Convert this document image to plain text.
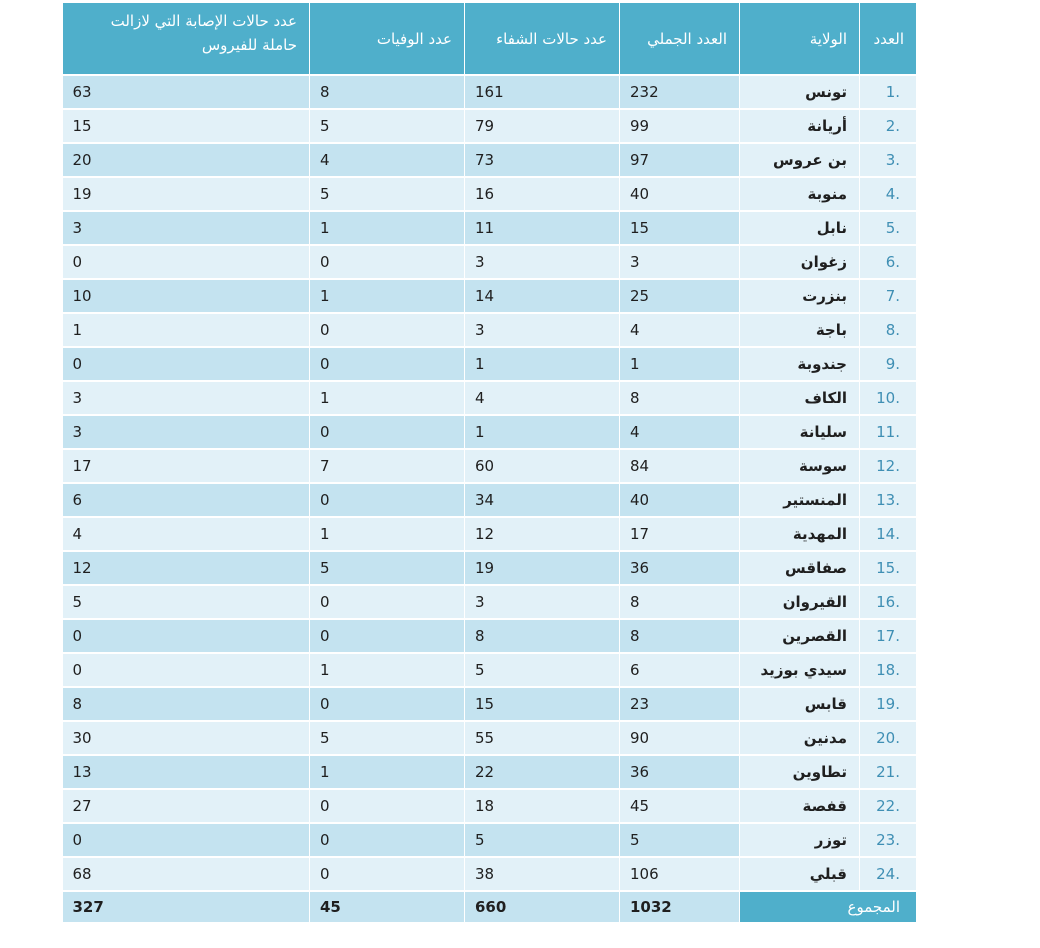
عدد حالات الإصابة التي لازالت
حاملة للفيروس	عدد الوفيات	عدد حالات الشفاء	العدد الجملي	الولاية	العدد
63	8	161	232	تونس	1.
15	5	79	99	أريانة	2.
20	4	73	97	بن عروس	3.
19	5	16	40	منوبة	4.
3	1	11	15	نابل	5.
0	0	3	3	زغوان	6.
10	1	14	25	بنزرت	7.
1	0	3	4	باجة	8.
0	0	1	1	جندوبة	9.
3	1	4	8	الكاف	10.
3	0	1	4	سليانة	11.
17	7	60	84	سوسة	12.
6	0	34	40	المنستير	13.
4	1	12	17	المهدية	14.
12	5	19	36	صفاقس	15.
5	0	3	8	القيروان	16.
0	0	8	8	القصرين	17.
0	1	5	6	سيدي بوزيد	18.
8	0	15	23	قابس	19.
30	5	55	90	مدنين	20.
13	1	22	36	تطاوين	21.
27	0	18	45	قفصة	22.
0	0	5	5	توزر	23.
68	0	38	106	قبلي	24.
327	45	660	1032	المجموع	
